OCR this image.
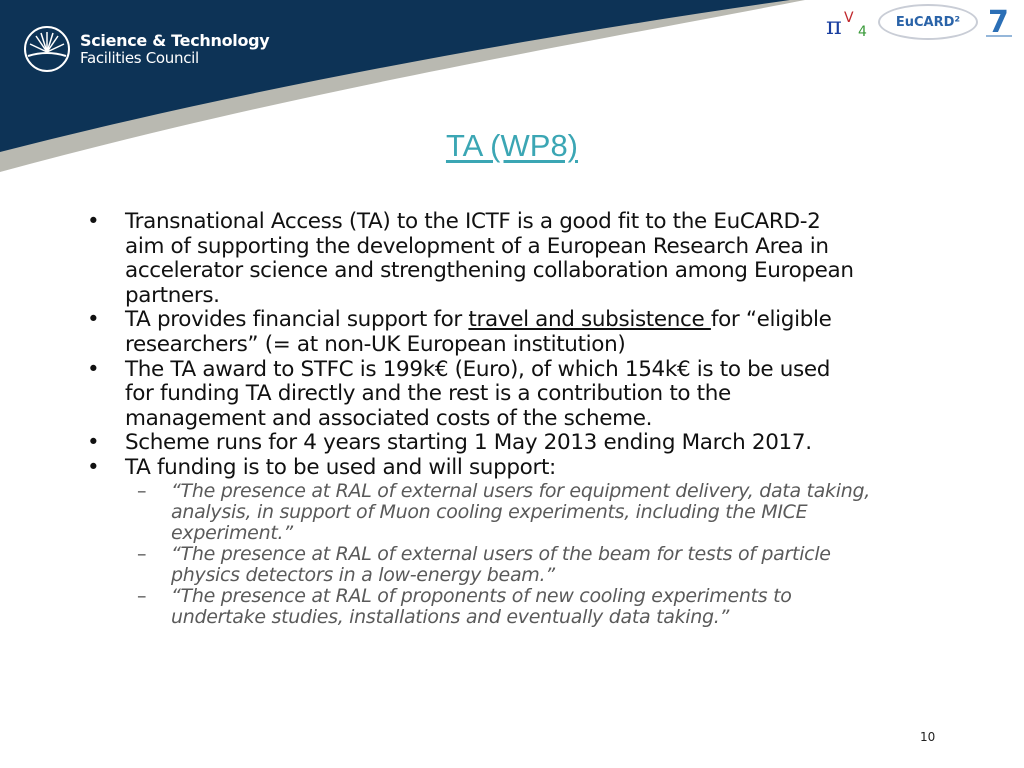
Science & Technology
Facilities Council
π V
4
EuCARD² 7
TA (WP8)
•	Transnational Access (TA) to the ICTF is a good fit to the EuCARD-2
aim of supporting the development of a European Research Area in
accelerator science and strengthening collaboration among European
partners.
•	TA provides financial support for travel and subsistence for “eligible
researchers” (= at non-UK European institution)
•	The TA award to STFC is 199k€ (Euro), of which 154k€ is to be used
for funding TA directly and the rest is a contribution to the
management and associated costs of the scheme.
•	Scheme runs for 4 years starting 1 May 2013 ending March 2017.
•	TA funding is to be used and will support:
–	“The presence at RAL of external users for equipment delivery, data taking,
analysis, in support of Muon cooling experiments, including the MICE
experiment.”
–	“The presence at RAL of external users of the beam for tests of particle
physics detectors in a low-energy beam.”
–	“The presence at RAL of proponents of new cooling experiments to
undertake studies, installations and eventually data taking.”
10
